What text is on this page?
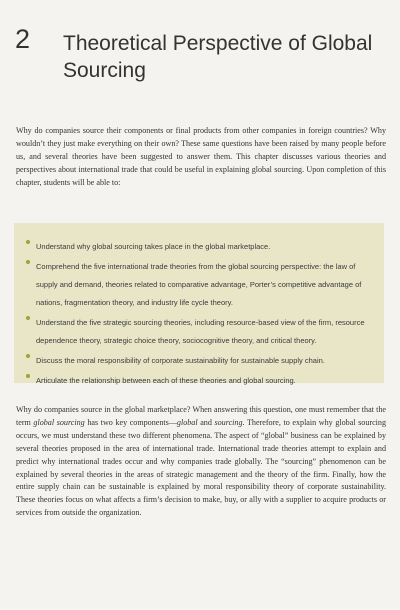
2 Theoretical Perspective of Global Sourcing

Why do companies source their components or final products from other companies in foreign countries? Why wouldn’t they just make everything on their own? These same questions have been raised by many people before us, and several theories have been suggested to answer them. This chapter discusses various theories and perspectives about international trade that could be useful in explaining global sourcing. Upon completion of this chapter, students will be able to:

Understand why global sourcing takes place in the global marketplace.
Comprehend the five international trade theories from the global sourcing perspective: the law of supply and demand, theories related to comparative advantage, Porter’s competitive advantage of nations, fragmentation theory, and industry life cycle theory.
Understand the five strategic sourcing theories, including resource-based view of the firm, resource dependence theory, strategic choice theory, sociocognitive theory, and critical theory.
Discuss the moral responsibility of corporate sustainability for sustainable supply chain.
Articulate the relationship between each of these theories and global sourcing.

Why do companies source in the global marketplace? When answering this question, one must remember that the term global sourcing has two key components—global and sourcing. Therefore, to explain why global sourcing occurs, we must understand these two different phenomena. The aspect of “global” business can be explained by several theories proposed in the area of international trade. International trade theories attempt to explain and predict why international trades occur and why companies trade globally. The “sourcing” phenomenon can be explained by several theories in the areas of strategic management and the theory of the firm. Finally, how the entire supply chain can be sustainable is explained by moral responsibility theory of corporate sustainability. These theories focus on what affects a firm’s decision to make, buy, or ally with a supplier to acquire products or services from outside the organization.
